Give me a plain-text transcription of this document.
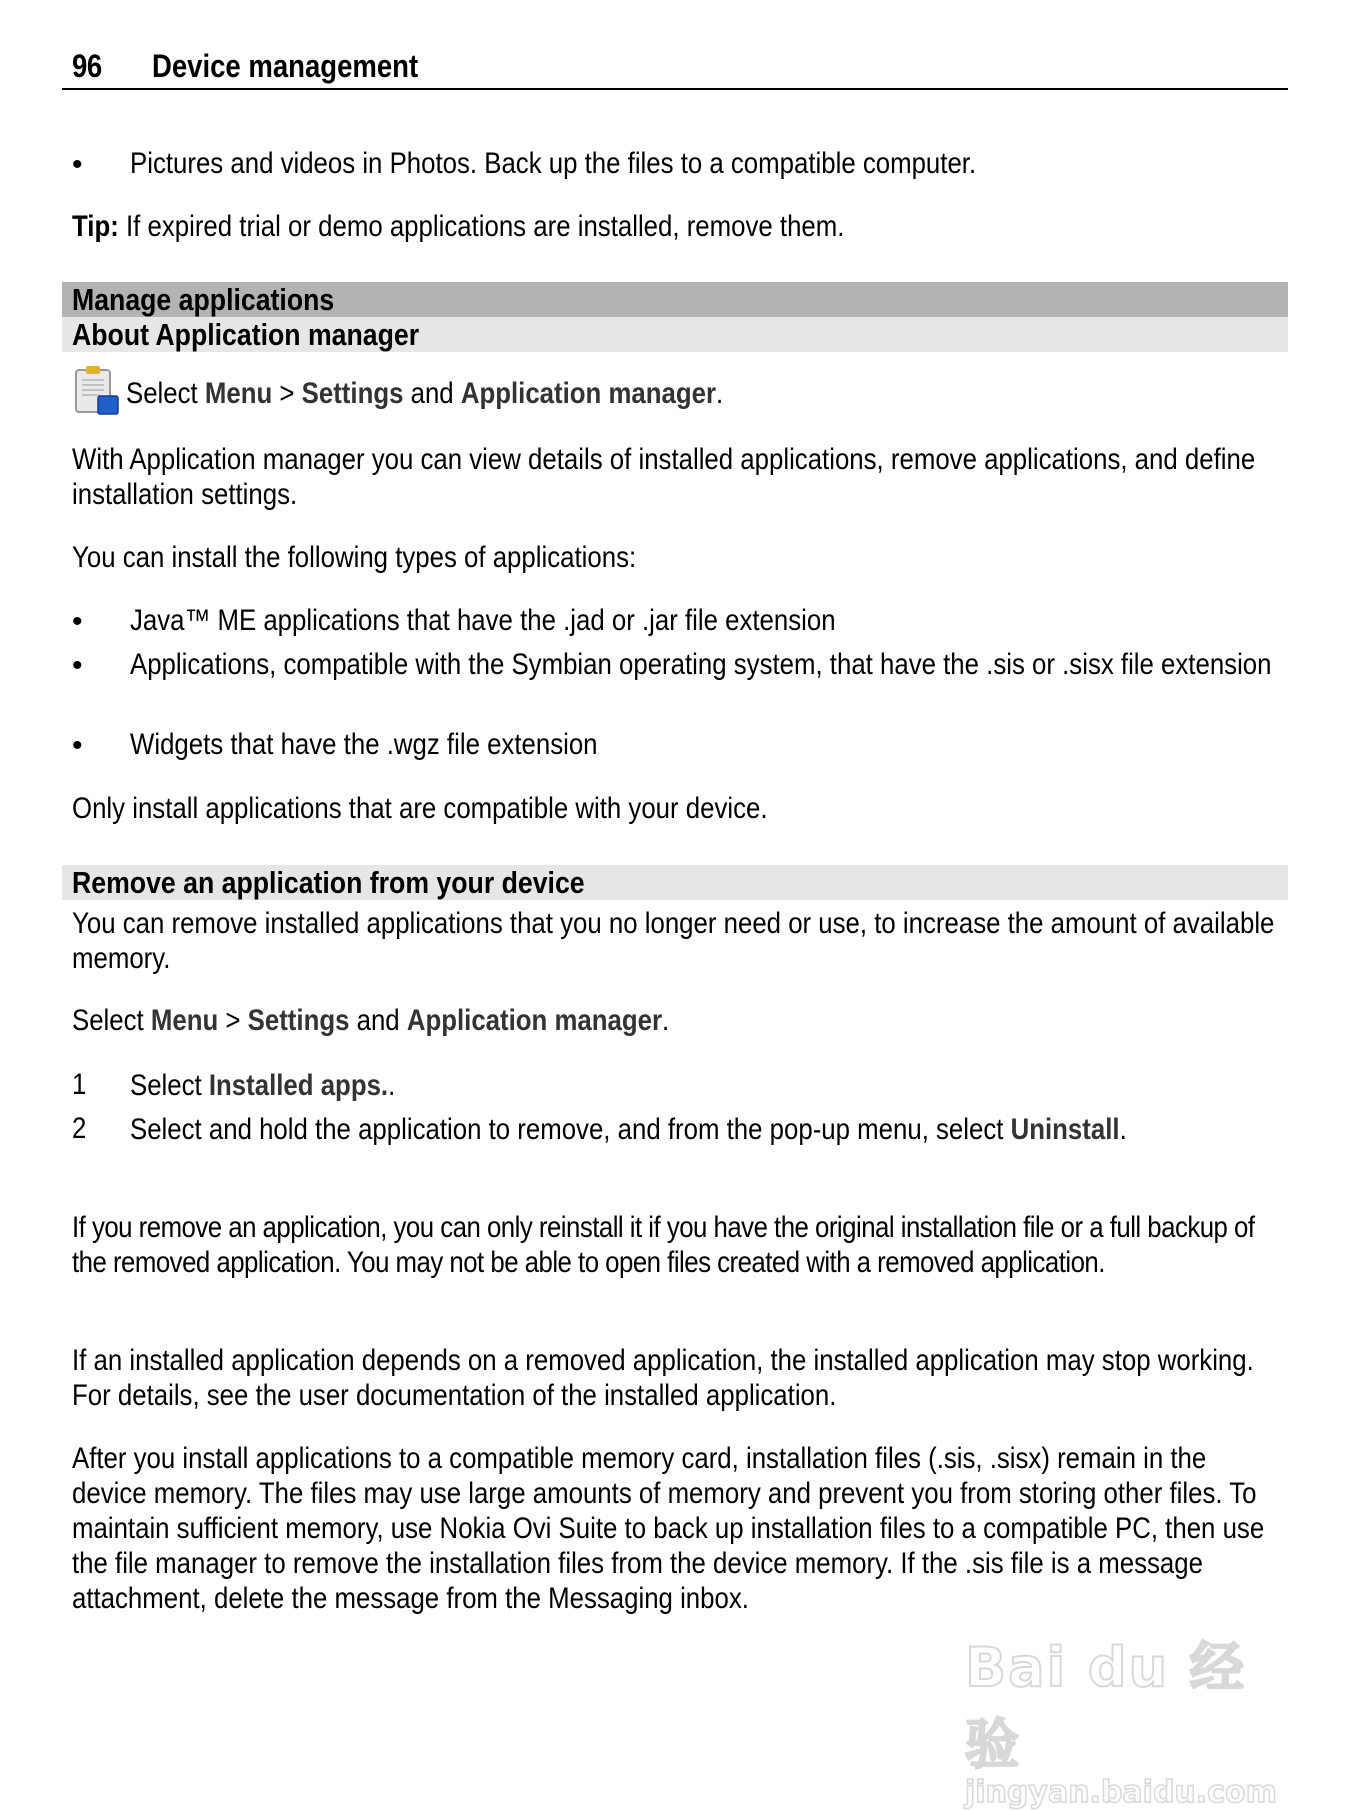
96 Device management
• Pictures and videos in Photos. Back up the files to a compatible computer.
Tip: If expired trial or demo applications are installed, remove them.
Manage applications
About Application manager
Select Menu > Settings and Application manager.
With Application manager you can view details of installed applications, remove applications, and define installation settings.
You can install the following types of applications:
• Java™ ME applications that have the .jad or .jar file extension
• Applications, compatible with the Symbian operating system, that have the .sis or .sisx file extension
• Widgets that have the .wgz file extension
Only install applications that are compatible with your device.
Remove an application from your device
You can remove installed applications that you no longer need or use, to increase the amount of available memory.
Select Menu > Settings and Application manager.
1 Select Installed apps..
2 Select and hold the application to remove, and from the pop-up menu, select Uninstall.
If you remove an application, you can only reinstall it if you have the original installation file or a full backup of the removed application. You may not be able to open files created with a removed application.
If an installed application depends on a removed application, the installed application may stop working. For details, see the user documentation of the installed application.
After you install applications to a compatible memory card, installation files (.sis, .sisx) remain in the device memory. The files may use large amounts of memory and prevent you from storing other files. To maintain sufficient memory, use Nokia Ovi Suite to back up installation files to a compatible PC, then use the file manager to remove the installation files from the device memory. If the .sis file is a message attachment, delete the message from the Messaging inbox.
Bai du 经验
jingyan.baidu.com
